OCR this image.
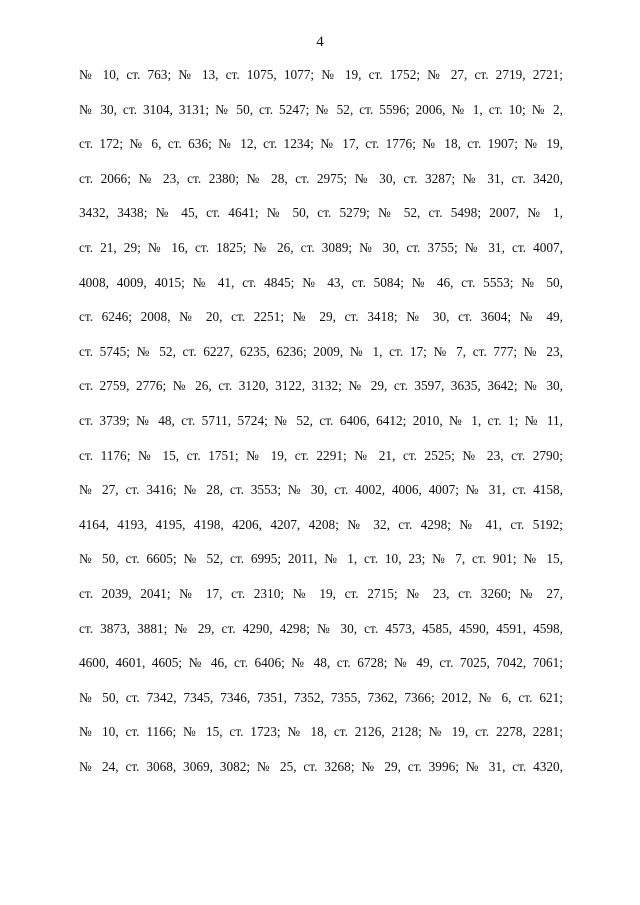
4
№ 10, ст. 763; № 13, ст. 1075, 1077; № 19, ст. 1752; № 27, ст. 2719, 2721;
№ 30, ст. 3104, 3131; № 50, ст. 5247; № 52, ст. 5596; 2006, № 1, ст. 10; № 2,
ст. 172; № 6, ст. 636; № 12, ст. 1234; № 17, ст. 1776; № 18, ст. 1907; № 19,
ст. 2066; № 23, ст. 2380; № 28, ст. 2975; № 30, ст. 3287; № 31, ст. 3420,
3432, 3438; № 45, ст. 4641; № 50, ст. 5279; № 52, ст. 5498; 2007, № 1,
ст. 21, 29; № 16, ст. 1825; № 26, ст. 3089; № 30, ст. 3755; № 31, ст. 4007,
4008, 4009, 4015; № 41, ст. 4845; № 43, ст. 5084; № 46, ст. 5553; № 50,
ст. 6246; 2008, № 20, ст. 2251; № 29, ст. 3418; № 30, ст. 3604; № 49,
ст. 5745; № 52, ст. 6227, 6235, 6236; 2009, № 1, ст. 17; № 7, ст. 777; № 23,
ст. 2759, 2776; № 26, ст. 3120, 3122, 3132; № 29, ст. 3597, 3635, 3642; № 30,
ст. 3739; № 48, ст. 5711, 5724; № 52, ст. 6406, 6412; 2010, № 1, ст. 1; № 11,
ст. 1176; № 15, ст. 1751; № 19, ст. 2291; № 21, ст. 2525; № 23, ст. 2790;
№ 27, ст. 3416; № 28, ст. 3553; № 30, ст. 4002, 4006, 4007; № 31, ст. 4158,
4164, 4193, 4195, 4198, 4206, 4207, 4208; № 32, ст. 4298; № 41, ст. 5192;
№ 50, ст. 6605; № 52, ст. 6995; 2011, № 1, ст. 10, 23; № 7, ст. 901; № 15,
ст. 2039, 2041; № 17, ст. 2310; № 19, ст. 2715; № 23, ст. 3260; № 27,
ст. 3873, 3881; № 29, ст. 4290, 4298; № 30, ст. 4573, 4585, 4590, 4591, 4598,
4600, 4601, 4605; № 46, ст. 6406; № 48, ст. 6728; № 49, ст. 7025, 7042, 7061;
№ 50, ст. 7342, 7345, 7346, 7351, 7352, 7355, 7362, 7366; 2012, № 6, ст. 621;
№ 10, ст. 1166; № 15, ст. 1723; № 18, ст. 2126, 2128; № 19, ст. 2278, 2281;
№ 24, ст. 3068, 3069, 3082; № 25, ст. 3268; № 29, ст. 3996; № 31, ст. 4320,
